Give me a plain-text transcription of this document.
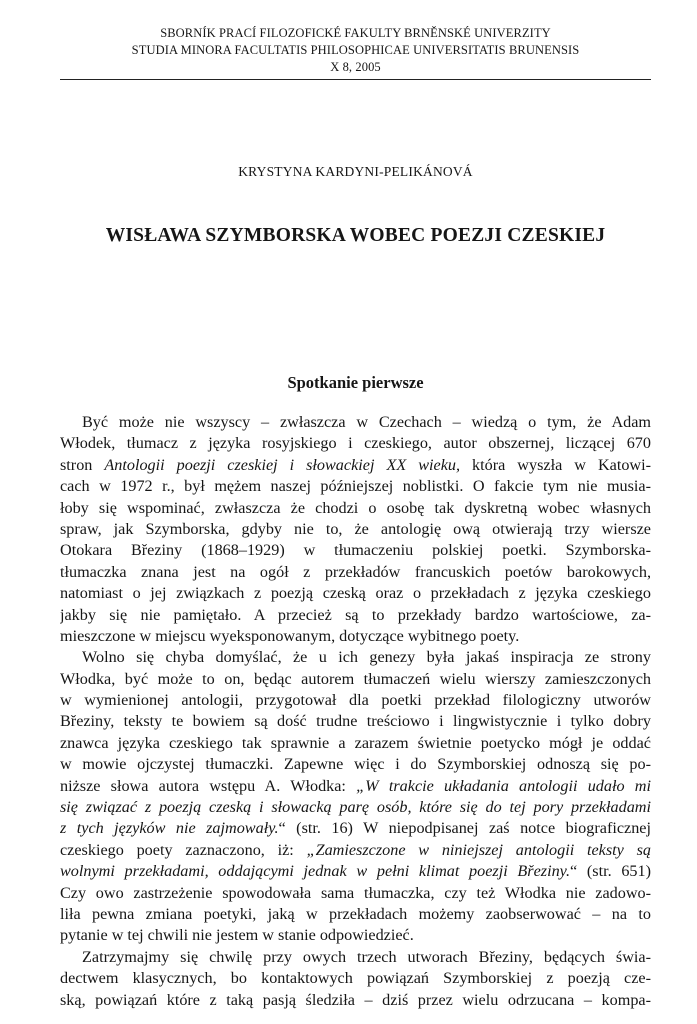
SBORNÍK PRACÍ FILOZOFICKÉ FAKULTY BRNĚNSKÉ UNIVERZITY
STUDIA MINORA FACULTATIS PHILOSOPHICAE UNIVERSITATIS BRUNENSIS
X 8, 2005
KRYSTYNA KARDYNI-PELIKÁNOVÁ
WISŁAWA SZYMBORSKA WOBEC POEZJI CZESKIEJ
Spotkanie pierwsze
Być może nie wszyscy – zwłaszcza w Czechach – wiedzą o tym, że Adam
Włodek, tłumacz z języka rosyjskiego i czeskiego, autor obszernej, liczącej 670
stron Antologii poezji czeskiej i słowackiej XX wieku, która wyszła w Katowi-
cach w 1972 r., był mężem naszej późniejszej noblistki. O fakcie tym nie musia-
łoby się wspominać, zwłaszcza że chodzi o osobę tak dyskretną wobec własnych
spraw, jak Szymborska, gdyby nie to, że antologię ową otwierają trzy wiersze
Otokara Březiny (1868–1929) w tłumaczeniu polskiej poetki. Szymborska-
tłumaczka znana jest na ogół z przekładów francuskich poetów barokowych,
natomiast o jej związkach z poezją czeską oraz o przekładach z języka czeskiego
jakby się nie pamiętało. A przecież są to przekłady bardzo wartościowe, za-
mieszczone w miejscu wyeksponowanym, dotyczące wybitnego poety.
Wolno się chyba domyślać, że u ich genezy była jakaś inspiracja ze strony
Włodka, być może to on, będąc autorem tłumaczeń wielu wierszy zamieszczonych
w wymienionej antologii, przygotował dla poetki przekład filologiczny utworów
Březiny, teksty te bowiem są dość trudne treściowo i lingwistycznie i tylko dobry
znawca języka czeskiego tak sprawnie a zarazem świetnie poetycko mógł je oddać
w mowie ojczystej tłumaczki. Zapewne więc i do Szymborskiej odnoszą się po-
niższe słowa autora wstępu A. Włodka: „W trakcie układania antologii udało mi
się związać z poezją czeską i słowacką parę osób, które się do tej pory przekładami
z tych języków nie zajmowały.“ (str. 16) W niepodpisanej zaś notce biograficznej
czeskiego poety zaznaczono, iż: „Zamieszczone w niniejszej antologii teksty są
wolnymi przekładami, oddającymi jednak w pełni klimat poezji Březiny.“ (str. 651)
Czy owo zastrzeżenie spowodowała sama tłumaczka, czy też Włodka nie zadowo-
liła pewna zmiana poetyki, jaką w przekładach możemy zaobserwować – na to
pytanie w tej chwili nie jestem w stanie odpowiedzieć.
Zatrzymajmy się chwilę przy owych trzech utworach Březiny, będących świa-
dectwem klasycznych, bo kontaktowych powiązań Szymborskiej z poezją cze-
ską, powiązań które z taką pasją śledziła – dziś przez wielu odrzucana – kompa-
